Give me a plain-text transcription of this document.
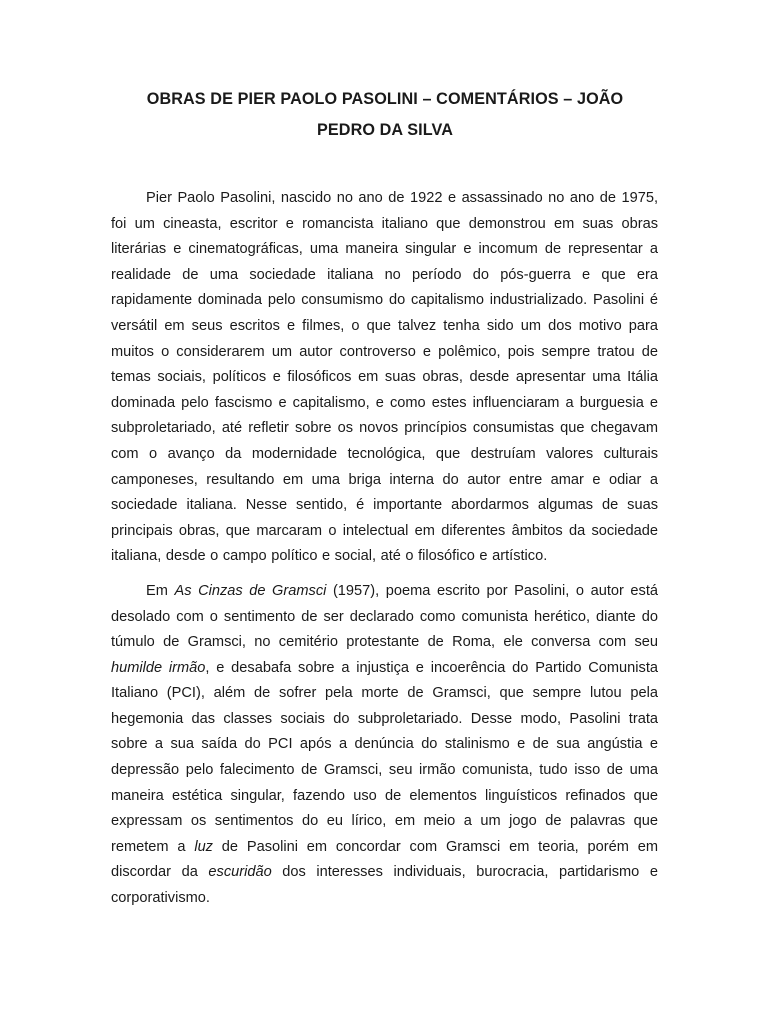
OBRAS DE PIER PAOLO PASOLINI – COMENTÁRIOS – JOÃO
PEDRO DA SILVA

Pier Paolo Pasolini, nascido no ano de 1922 e assassinado no ano de 1975, foi um cineasta, escritor e romancista italiano que demonstrou em suas obras literárias e cinematográficas, uma maneira singular e incomum de representar a realidade de uma sociedade italiana no período do pós-guerra e que era rapidamente dominada pelo consumismo do capitalismo industrializado. Pasolini é versátil em seus escritos e filmes, o que talvez tenha sido um dos motivo para muitos o considerarem um autor controverso e polêmico, pois sempre tratou de temas sociais, políticos e filosóficos em suas obras, desde apresentar uma Itália dominada pelo fascismo e capitalismo, e como estes influenciaram a burguesia e subproletariado, até refletir sobre os novos princípios consumistas que chegavam com o avanço da modernidade tecnológica, que destruíam valores culturais camponeses, resultando em uma briga interna do autor entre amar e odiar a sociedade italiana. Nesse sentido, é importante abordarmos algumas de suas principais obras, que marcaram o intelectual em diferentes âmbitos da sociedade italiana, desde o campo político e social, até o filosófico e artístico.

Em As Cinzas de Gramsci (1957), poema escrito por Pasolini, o autor está desolado com o sentimento de ser declarado como comunista herético, diante do túmulo de Gramsci, no cemitério protestante de Roma, ele conversa com seu humilde irmão, e desabafa sobre a injustiça e incoerência do Partido Comunista Italiano (PCI), além de sofrer pela morte de Gramsci, que sempre lutou pela hegemonia das classes sociais do subproletariado. Desse modo, Pasolini trata sobre a sua saída do PCI após a denúncia do stalinismo e de sua angústia e depressão pelo falecimento de Gramsci, seu irmão comunista, tudo isso de uma maneira estética singular, fazendo uso de elementos linguísticos refinados que expressam os sentimentos do eu lírico, em meio a um jogo de palavras que remetem a luz de Pasolini em concordar com Gramsci em teoria, porém em discordar da escuridão dos interesses individuais, burocracia, partidarismo e corporativismo.
